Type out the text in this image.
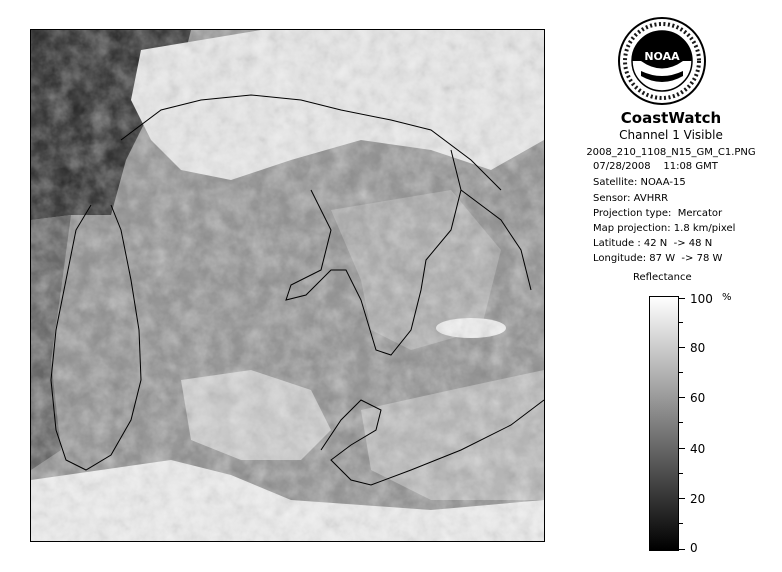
NOAA
CoastWatch
Channel 1 Visible
2008_210_1108_N15_GM_C1.PNG
07/28/2008    11:08 GMT
Satellite: NOAA-15
Sensor: AVHRR
Projection type:  Mercator
Map projection: 1.8 km/pixel
Latitude : 42 N  -> 48 N
Longitude: 87 W  -> 78 W
Reflectance
%
100
80
60
40
20
0
